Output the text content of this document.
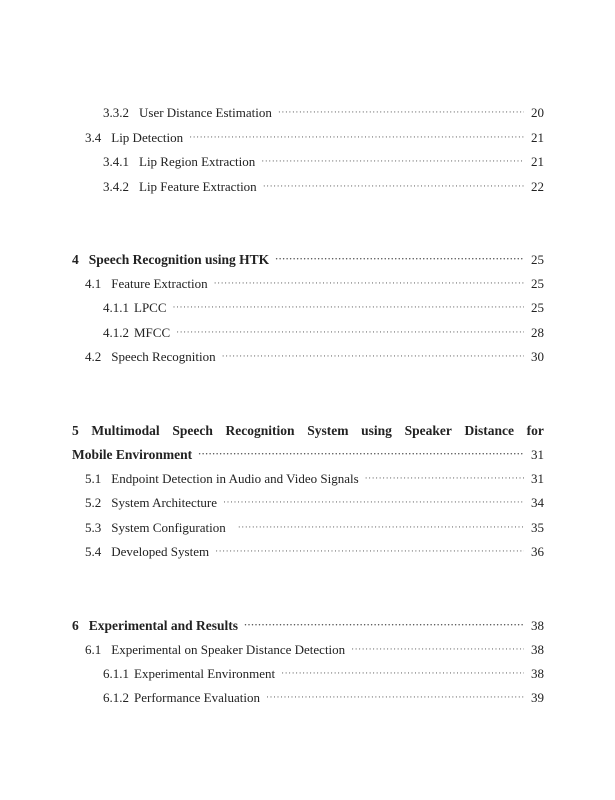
3.3.2 User Distance Estimation ·····	20
3.4 Lip Detection ·····	21
3.4.1 Lip Region Extraction ·····	21
3.4.2 Lip Feature Extraction ·····	22
4 Speech Recognition using HTK ·····	25
4.1 Feature Extraction ·····	25
4.1.1 LPCC ·····	25
4.1.2 MFCC ·····	28
4.2 Speech Recognition ·····	30
5 Multimodal Speech Recognition System using Speaker Distance for
Mobile Environment ·····	31
5.1 Endpoint Detection in Audio and Video Signals ·····	31
5.2 System Architecture ·····	34
5.3 System Configuration ·····	35
5.4 Developed System ·····	36
6 Experimental and Results ·····	38
6.1 Experimental on Speaker Distance Detection ·····	38
6.1.1 Experimental Environment ·····	38
6.1.2 Performance Evaluation ·····	39
